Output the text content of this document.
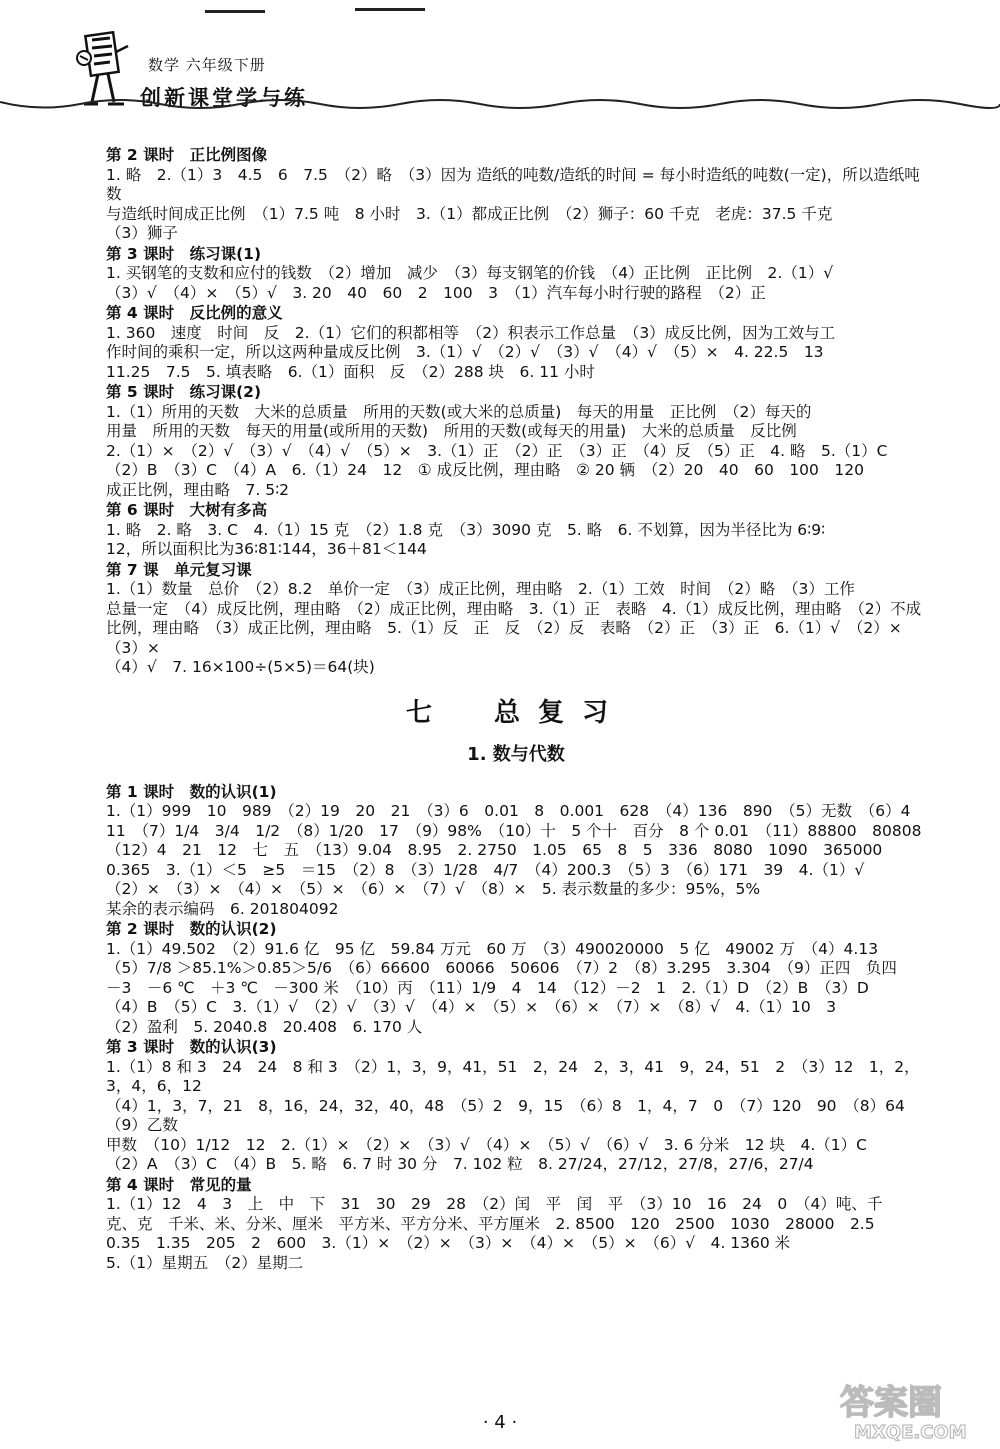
数学 六年级下册
创新课堂学与练
第 2 课时　正比例图像
1. 略　2.（1）3　4.5　6　7.5　（2）略　（3）因为 造纸的吨数/造纸的时间 = 每小时造纸的吨数(一定)，所以造纸吨数
与造纸时间成正比例　（1）7.5 吨　8 小时　3.（1）都成正比例　（2）狮子：60 千克　老虎：37.5 千克
（3）狮子
第 3 课时　练习课(1)
1. 买钢笔的支数和应付的钱数　（2）增加　减少　（3）每支钢笔的价钱　（4）正比例　正比例　2.（1）√
（3）√　（4）×　（5）√　3. 20　40　60　2　100　3　（1）汽车每小时行驶的路程　（2）正
第 4 课时　反比例的意义
1. 360　速度　时间　反　2.（1）它们的积都相等　（2）积表示工作总量　（3）成反比例，因为工效与工
作时间的乘积一定，所以这两种量成反比例　3.（1）√　（2）√　（3）√　（4）√　（5）×　4. 22.5　13
11.25　7.5　5. 填表略　6.（1）面积　反　（2）288 块　6. 11 小时
第 5 课时　练习课(2)
1.（1）所用的天数　大米的总质量　所用的天数(或大米的总质量)　每天的用量　正比例　（2）每天的
用量　所用的天数　每天的用量(或所用的天数)　所用的天数(或每天的用量)　大米的总质量　反比例
2.（1）×　（2）√　（3）√　（4）√　（5）×　3.（1）正　（2）正　（3）正　（4）反　（5）正　4. 略　5.（1）C
（2）B　（3）C　（4）A　6.（1）24　12　① 成反比例，理由略　② 20 辆　（2）20　40　60　100　120
成正比例，理由略　7. 5∶2
第 6 课时　大树有多高
1. 略　2. 略　3. C　4.（1）15 克　（2）1.8 克　（3）3090 克　5. 略　6. 不划算，因为半径比为 6∶9∶
12，所以面积比为36∶81∶144，36＋81＜144
第 7 课　单元复习课
1.（1）数量　总价　（2）8.2　单价一定　（3）成正比例，理由略　2.（1）工效　时间　（2）略　（3）工作
总量一定　（4）成反比例，理由略　（2）成正比例，理由略　3.（1）正　表略　4.（1）成反比例，理由略　（2）不成
比例，理由略　（3）成正比例，理由略　5.（1）反　正　反　（2）反　表略　（2）正　（3）正　6.（1）√　（2）×　（3）×
（4）√　7. 16×100÷(5×5)＝64(块)
七　总复习
1. 数与代数
第 1 课时　数的认识(1)
1.（1）999　10　989　（2）19　20　21　（3）6　0.01　8　0.001　628　（4）136　890　（5）无数　（6）4
11　（7）1/4　3/4　1/2　（8）1/20　17　（9）98%　（10）十　5 个十　百分　8 个 0.01　（11）88800　80808
（12）4　21　12　七　五　（13）9.04　8.95　2. 2750　1.05　65　8　5　336　8080　1090　365000
0.365　3.（1）＜5　≥5　＝15　（2）8　（3）1/28　4/7　（4）200.3　（5）3　（6）171　39　4.（1）√
（2）×　（3）×　（4）×　（5）×　（6）×　（7）√　（8）×　5. 表示数量的多少：95%，5%
某余的表示编码　6. 201804092
第 2 课时　数的认识(2)
1.（1）49.502　（2）91.6 亿　95 亿　59.84 万元　60 万　（3）490020000　5 亿　49002 万　（4）4.13
（5）7/8 ＞85.1%＞0.85＞5/6　（6）66600　60066　50606　（7）2　（8）3.295　3.304　（9）正四　负四
－3　－6 ℃　＋3 ℃　－300 米　（10）丙　（11）1/9　4　14　（12）－2　1　2.（1）D　（2）B　（3）D
（4）B　（5）C　3.（1）√　（2）√　（3）√　（4）×　（5）×　（6）×　（7）×　（8）√　4.（1）10　3
（2）盈利　5. 2040.8　20.408　6. 170 人
第 3 课时　数的认识(3)
1.（1）8 和 3　24　24　8 和 3　（2）1，3，9，41，51　2，24　2，3，41　9，24，51　2　（3）12　1，2，3，4，6，12
（4）1，3，7，21　8，16，24，32，40，48　（5）2　9，15　（6）8　1，4，7　0　（7）120　90　（8）64　（9）乙数
甲数　（10）1/12　12　2.（1）×　（2）×　（3）√　（4）×　（5）√　（6）√　3. 6 分米　12 块　4.（1）C
（2）A　（3）C　（4）B　5. 略　6. 7 时 30 分　7. 102 粒　8. 27/24，27/12，27/8，27/6，27/4
第 4 课时　常见的量
1.（1）12　4　3　上　中　下　31　30　29　28　（2）闰　平　闰　平　（3）10　16　24　0　（4）吨、千
克、克　千米、米、分米、厘米　平方米、平方分米、平方厘米　2. 8500　120　2500　1030　28000　2.5
0.35　1.35　205　2　600　3.（1）×　（2）×　（3）×　（4）×　（5）×　（6）√　4. 1360 米
5.（1）星期五　（2）星期二
· 4 ·	答案圈
MXQE.COM
